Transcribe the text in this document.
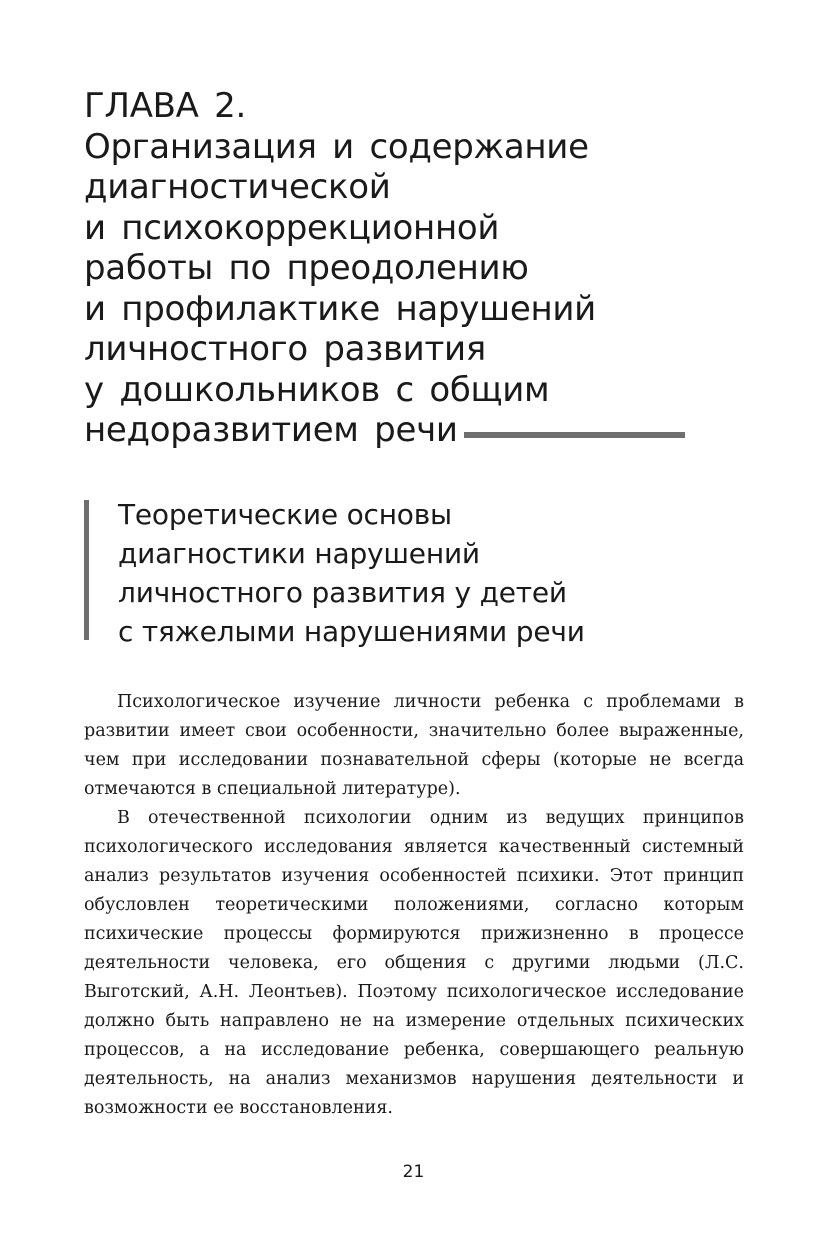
ГЛАВА 2.
Организация и содержание
диагностической
и психокоррекционной
работы по преодолению
и профилактике нарушений
личностного развития
у дошкольников с общим
недоразвитием речи
Теоретические основы
диагностики нарушений
личностного развития у детей
с тяжелыми нарушениями речи

Психологическое изучение личности ребенка с проблемами в развитии имеет свои особенности, значительно более выраженные, чем при исследовании познавательной сферы (которые не всегда отмечаются в специальной литературе).

В отечественной психологии одним из ведущих принципов психологического исследования является качественный системный анализ результатов изучения особенностей психики. Этот принцип обусловлен теоретическими положениями, согласно которым психические процессы формируются прижизненно в процессе деятельности человека, его общения с другими людьми (Л.С. Выготский, А.Н. Леонтьев). Поэтому психологическое исследование должно быть направлено не на измерение отдельных психических процессов, а на исследование ребенка, совершающего реальную деятельность, на анализ механизмов нарушения деятельности и возможности ее восстановления.

21
